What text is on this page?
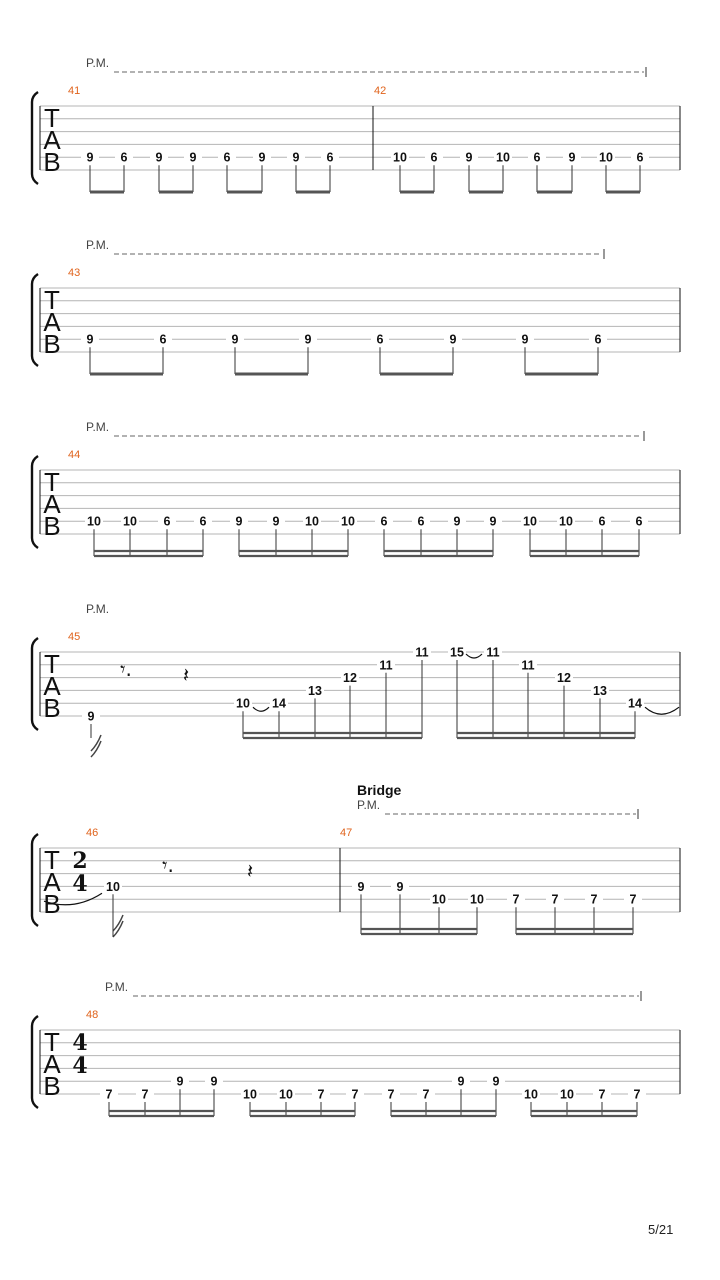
T
A
B
P.M.
41
9 6 9 9 6 9 9 6
42
10 6 9 10 6 9 10 6
T
A
B
P.M.
43
9	6	9	9	6	9	9	6
T
A
B
P.M.
44
10 10 6 6 9 9 10 10 6 6 9 9 10 10 6 6
T
A
B
P.M.
45
9
10 14
13
12
11
11 15 11
11
12
13
14
𝄾.	𝄽
T
A
B
2
4
Bridge
P.M.
46
10
47
9	9
10 10 7	7	7	7
𝄾.	𝄽
T
A
B
4
4
P.M.
48
7 7
9 9
10 10 7 7 7 7
9 9
10 10 7 7
5/21
